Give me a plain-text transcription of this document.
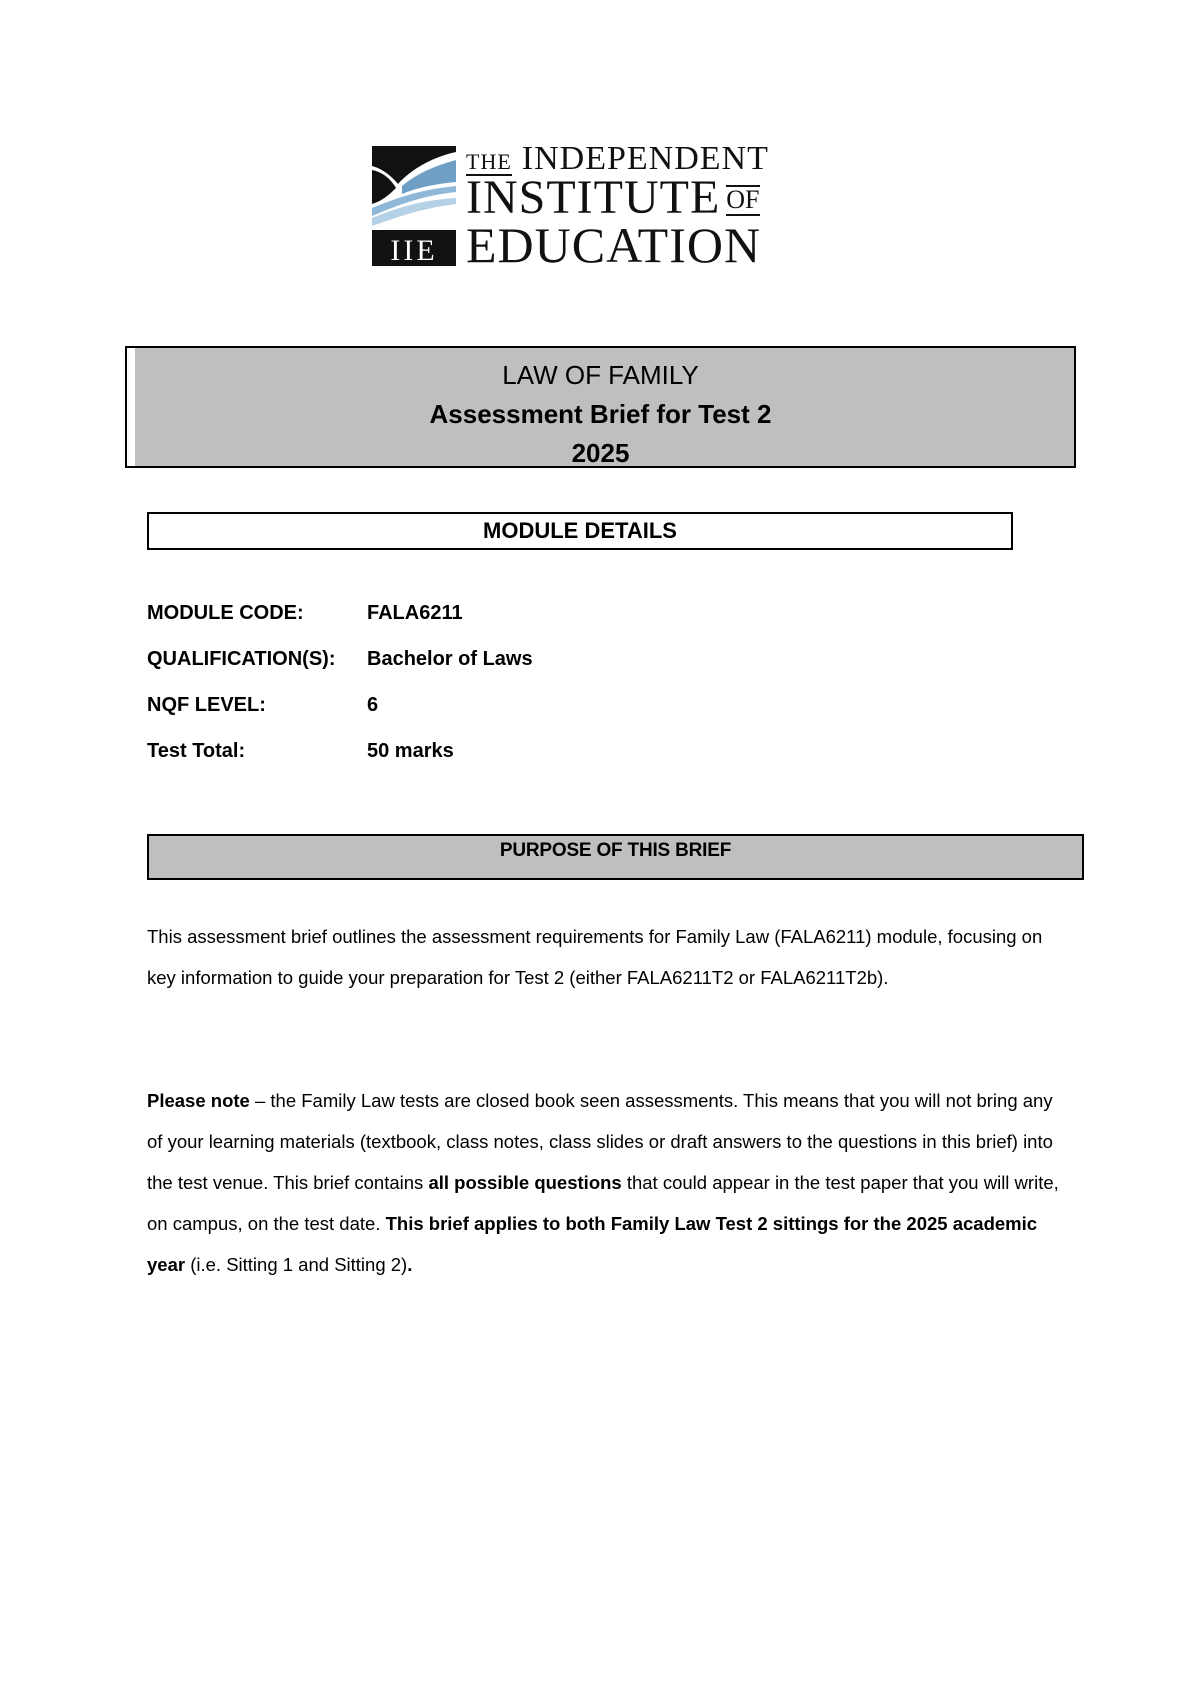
IIE
THE INDEPENDENT
INSTITUTE OF
EDUCATION
LAW OF FAMILY
Assessment Brief for Test 2
2025
MODULE DETAILS
MODULE CODE:	FALA6211
QUALIFICATION(S):	Bachelor of Laws
NQF LEVEL:	6
Test Total:	50 marks
PURPOSE OF THIS BRIEF
This assessment brief outlines the assessment requirements for Family Law (FALA6211) module, focusing on key information to guide your preparation for Test 2 (either FALA6211T2 or FALA6211T2b).
Please note – the Family Law tests are closed book seen assessments. This means that you will not bring any of your learning materials (textbook, class notes, class slides or draft answers to the questions in this brief) into the test venue. This brief contains all possible questions that could appear in the test paper that you will write, on campus, on the test date. This brief applies to both Family Law Test 2 sittings for the 2025 academic year (i.e. Sitting 1 and Sitting 2).
